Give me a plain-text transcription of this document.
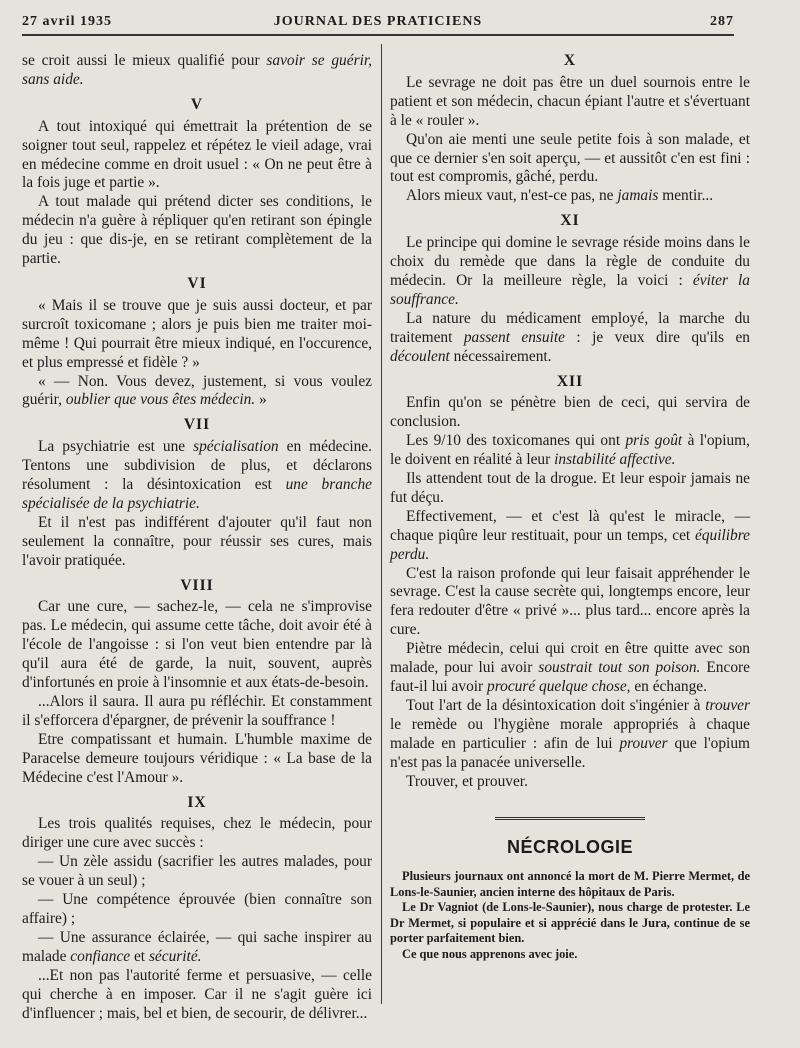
27 avril 1935	JOURNAL DES PRATICIENS	287

se croit aussi le mieux qualifié pour savoir se guérir, sans aide.

V

A tout intoxiqué qui émettrait la prétention de se soigner tout seul, rappelez et répétez le vieil adage, vrai en médecine comme en droit usuel : « On ne peut être à la fois juge et partie ».

A tout malade qui prétend dicter ses conditions, le médecin n'a guère à répliquer qu'en retirant son épingle du jeu : que dis-je, en se retirant complètement de la partie.

VI

« Mais il se trouve que je suis aussi docteur, et par surcroît toxicomane ; alors je puis bien me traiter moi-même ! Qui pourrait être mieux indiqué, en l'occurence, et plus empressé et fidèle ? »

« — Non. Vous devez, justement, si vous voulez guérir, oublier que vous êtes médecin. »

VII

La psychiatrie est une spécialisation en médecine. Tentons une subdivision de plus, et déclarons résolument : la désintoxication est une branche spécialisée de la psychiatrie.

Et il n'est pas indifférent d'ajouter qu'il faut non seulement la connaître, pour réussir ses cures, mais l'avoir pratiquée.

VIII

Car une cure, — sachez-le, — cela ne s'improvise pas. Le médecin, qui assume cette tâche, doit avoir été à l'école de l'angoisse : si l'on veut bien entendre par là qu'il aura été de garde, la nuit, souvent, auprès d'infortunés en proie à l'insomnie et aux états-de-besoin.

...Alors il saura. Il aura pu réfléchir. Et constamment il s'efforcera d'épargner, de prévenir la souffrance !

Etre compatissant et humain. L'humble maxime de Paracelse demeure toujours véridique : « La base de la Médecine c'est l'Amour ».

IX

Les trois qualités requises, chez le médecin, pour diriger une cure avec succès :

— Un zèle assidu (sacrifier les autres malades, pour se vouer à un seul) ;

— Une compétence éprouvée (bien connaître son affaire) ;

— Une assurance éclairée, — qui sache inspirer au malade confiance et sécurité.

...Et non pas l'autorité ferme et persuasive, — celle qui cherche à en imposer. Car il ne s'agit guère ici d'influencer ; mais, bel et bien, de secourir, de délivrer...

X

Le sevrage ne doit pas être un duel sournois entre le patient et son médecin, chacun épiant l'autre et s'évertuant à le « rouler ».

Qu'on aie menti une seule petite fois à son malade, et que ce dernier s'en soit aperçu, — et aussitôt c'en est fini : tout est compromis, gâché, perdu.

Alors mieux vaut, n'est-ce pas, ne jamais mentir...

XI

Le principe qui domine le sevrage réside moins dans le choix du remède que dans la règle de conduite du médecin. Or la meilleure règle, la voici : éviter la souffrance.

La nature du médicament employé, la marche du traitement passent ensuite : je veux dire qu'ils en découlent nécessairement.

XII

Enfin qu'on se pénètre bien de ceci, qui servira de conclusion.

Les 9/10 des toxicomanes qui ont pris goût à l'opium, le doivent en réalité à leur instabilité affective.

Ils attendent tout de la drogue. Et leur espoir jamais ne fut déçu.

Effectivement, — et c'est là qu'est le miracle, — chaque piqûre leur restituait, pour un temps, cet équilibre perdu.

C'est la raison profonde qui leur faisait appréhender le sevrage. C'est la cause secrète qui, longtemps encore, leur fera redouter d'être « privé »... plus tard... encore après la cure.

Piètre médecin, celui qui croit en être quitte avec son malade, pour lui avoir soustrait tout son poison. Encore faut-il lui avoir procuré quelque chose, en échange.

Tout l'art de la désintoxication doit s'ingénier à trouver le remède ou l'hygiène morale appropriés à chaque malade en particulier : afin de lui prouver que l'opium n'est pas la panacée universelle.

Trouver, et prouver.

NÉCROLOGIE

Plusieurs journaux ont annoncé la mort de M. Pierre Mermet, de Lons-le-Saunier, ancien interne des hôpitaux de Paris.

Le Dr Vagniot (de Lons-le-Saunier), nous charge de protester. Le Dr Mermet, si populaire et si apprécié dans le Jura, continue de se porter parfaitement bien.

Ce que nous apprenons avec joie.
